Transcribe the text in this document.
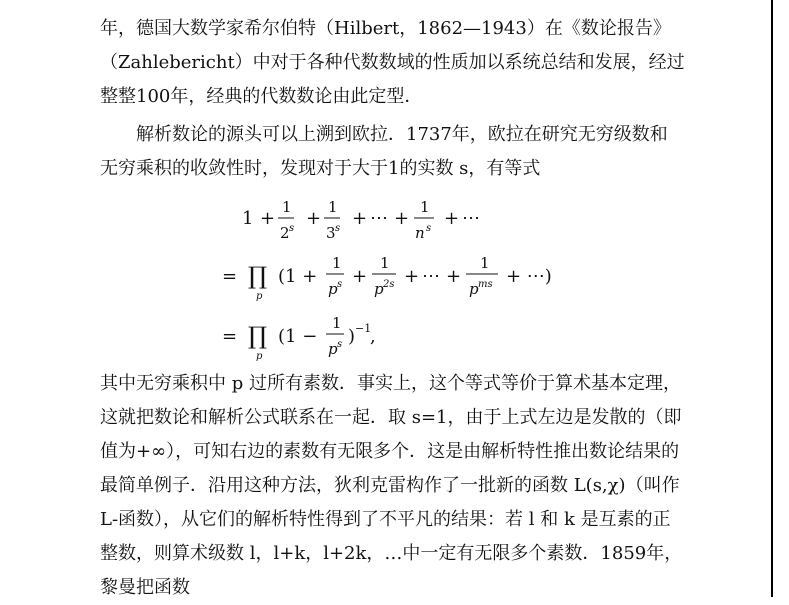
年，德国大数学家希尔伯特（Hilbert，1862—1943）在《数论报告》（Zahlebericht）中对于各种代数数域的性质加以系统总结和发展，经过整整100年，经典的代数数论由此定型．
解析数论的源头可以上溯到欧拉．1737年，欧拉在研究无穷级数和无穷乘积的收敛性时，发现对于大于1的实数 s，有等式
1 +
1
2 s +
1
3 s + ⋯ +
1
n s + ⋯
= ∏
p
(1 +
1
p s +
1
p 2s + ⋯ +
1
p ms + ⋯)
= ∏
p
(1 −
1
p s ) −1
,
其中无穷乘积中 p 过所有素数．事实上，这个等式等价于算术基本定理，这就把数论和解析公式联系在一起．取 s=1，由于上式左边是发散的（即值为+∞），可知右边的素数有无限多个．这是由解析特性推出数论结果的最简单例子．沿用这种方法，狄利克雷构作了一批新的函数 L(s,χ)（叫作 L-函数），从它们的解析特性得到了不平凡的结果：若 l 和 k 是互素的正整数，则算术级数 l，l+k，l+2k，…中一定有无限多个素数．1859年，黎曼把函数
